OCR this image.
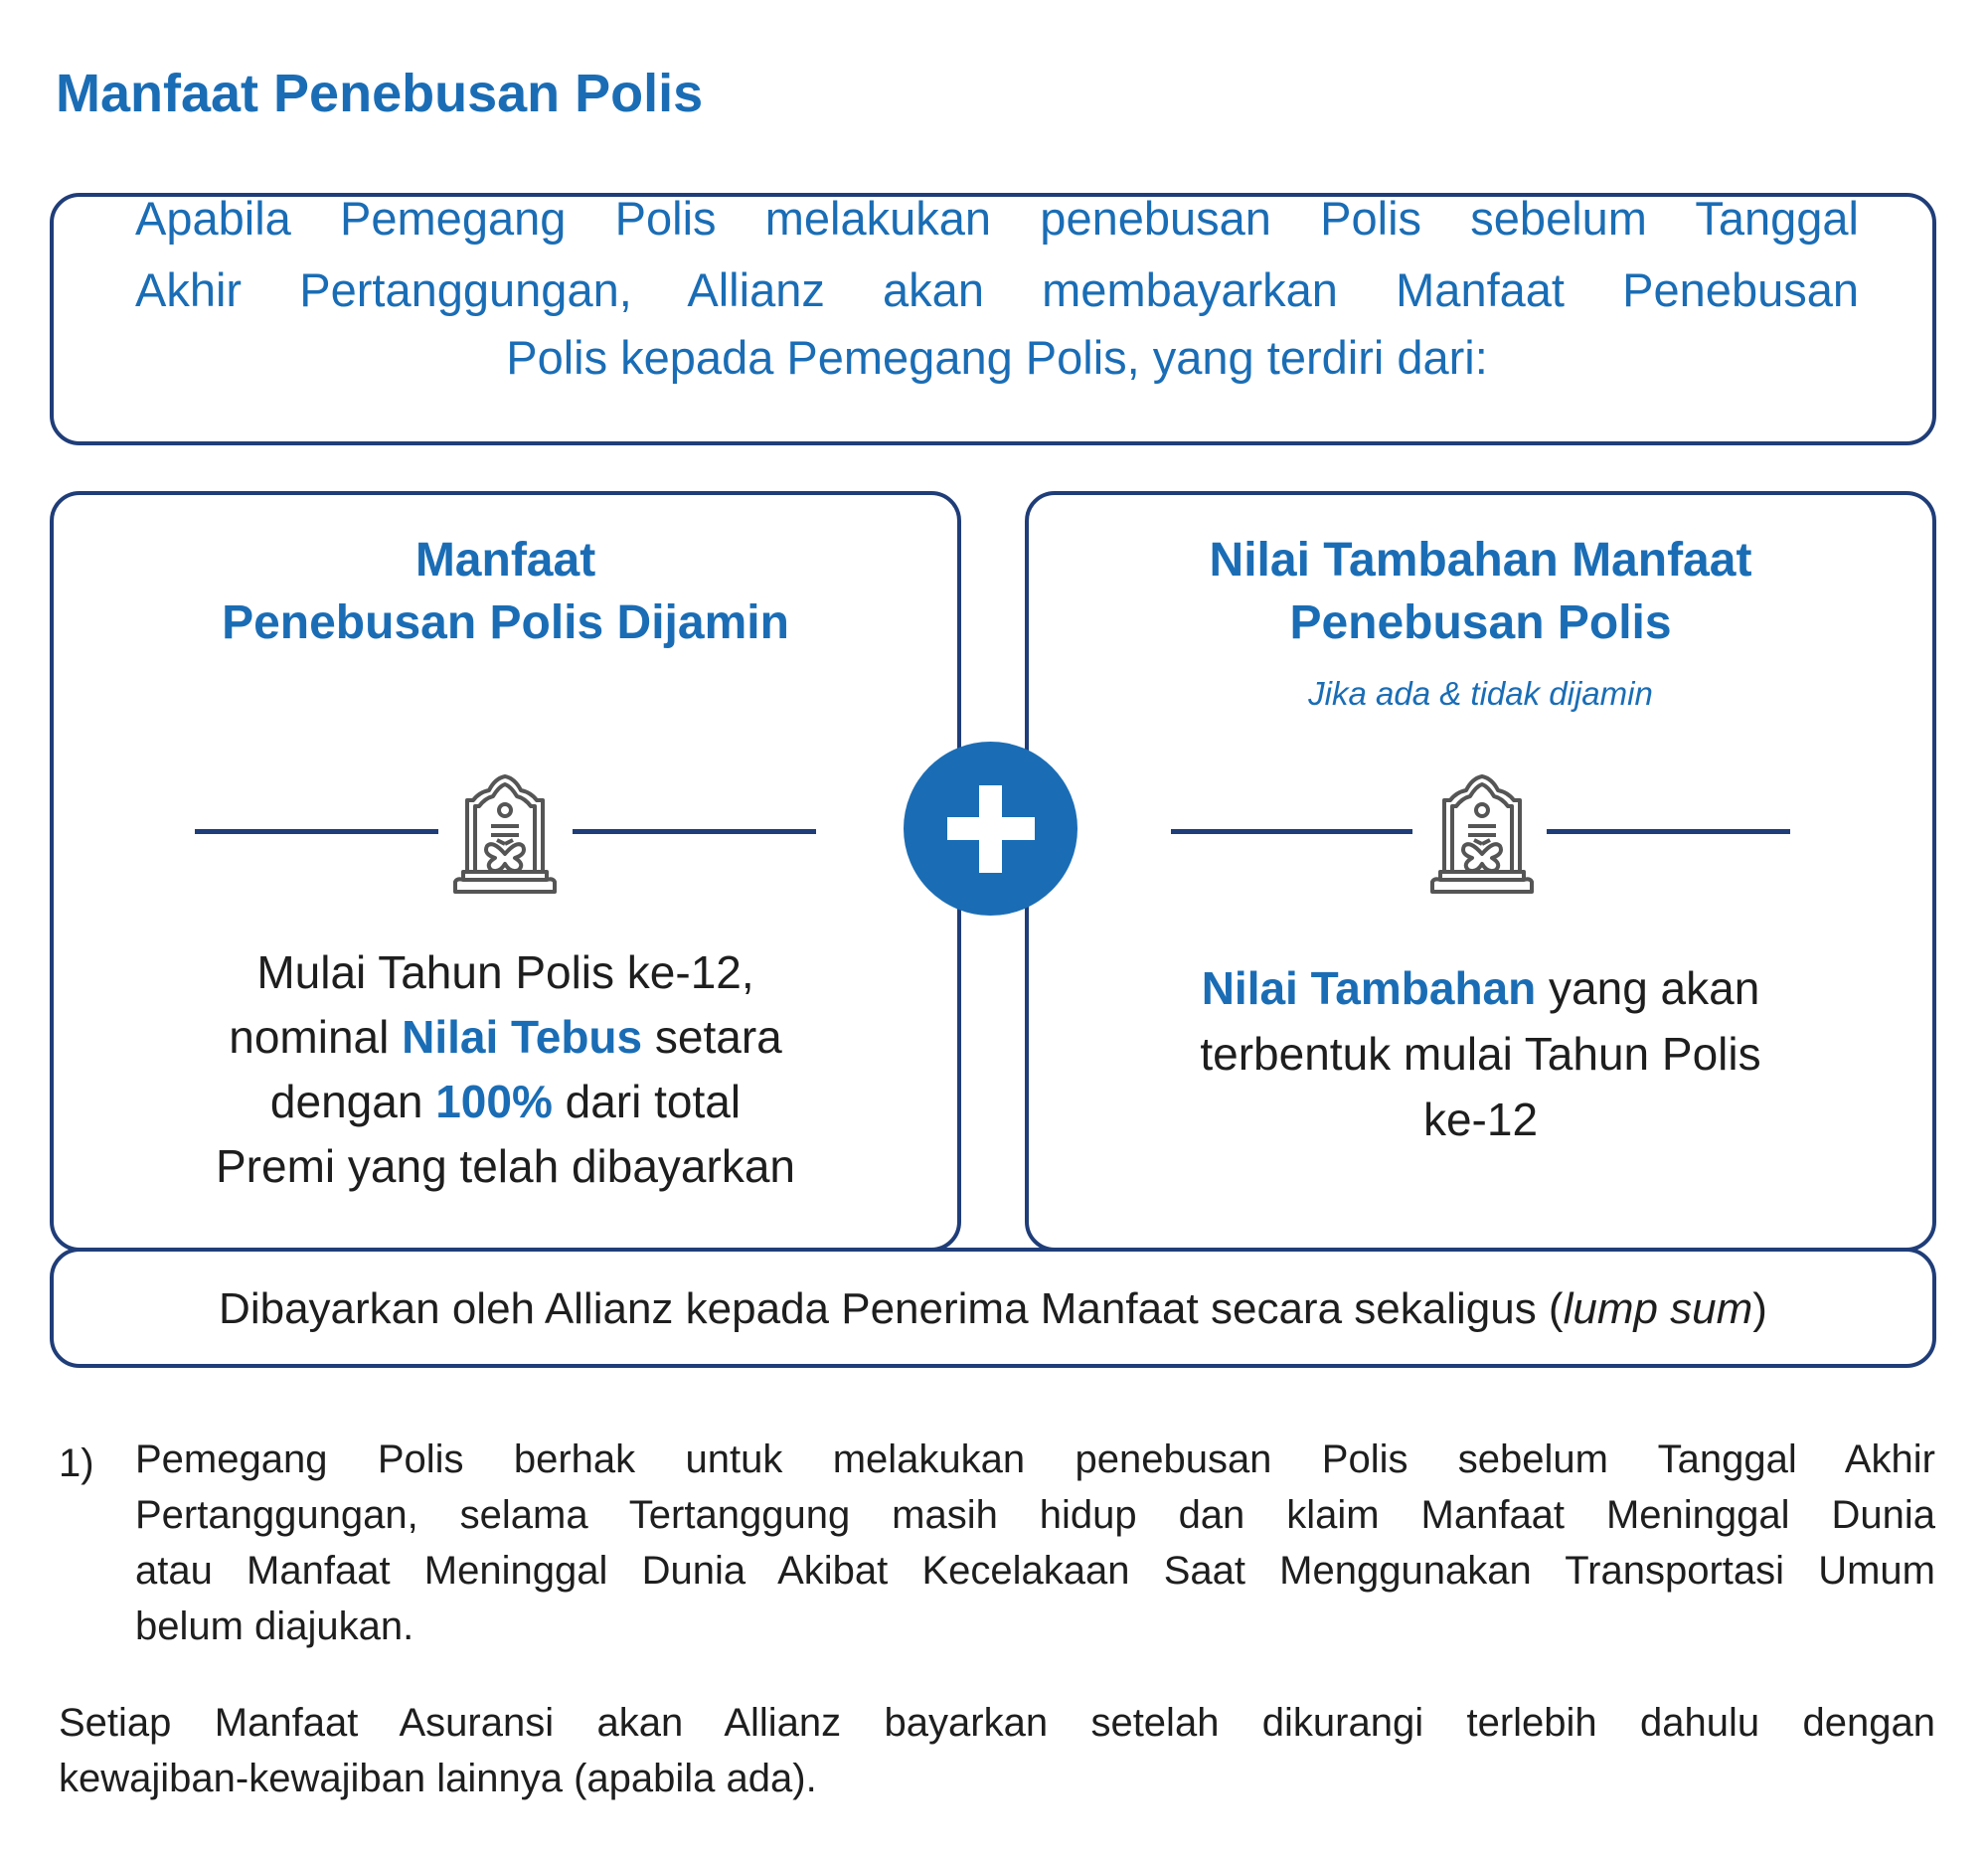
Manfaat Penebusan Polis
Apabila Pemegang Polis melakukan penebusan Polis sebelum Tanggal
Akhir Pertanggungan, Allianz akan membayarkan Manfaat Penebusan
Polis kepada Pemegang Polis, yang terdiri dari:
Manfaat
Penebusan Polis Dijamin
Mulai Tahun Polis ke-12,
nominal Nilai Tebus setara
dengan 100% dari total
Premi yang telah dibayarkan
Nilai Tambahan Manfaat
Penebusan Polis
Jika ada & tidak dijamin
Nilai Tambahan yang akan
terbentuk mulai Tahun Polis
ke-12
Dibayarkan oleh Allianz kepada Penerima Manfaat secara sekaligus (lump sum)
1) Pemegang Polis berhak untuk melakukan penebusan Polis sebelum Tanggal Akhir
Pertanggungan, selama Tertanggung masih hidup dan klaim Manfaat Meninggal Dunia
atau Manfaat Meninggal Dunia Akibat Kecelakaan Saat Menggunakan Transportasi Umum
belum diajukan.
Setiap Manfaat Asuransi akan Allianz bayarkan setelah dikurangi terlebih dahulu dengan
kewajiban-kewajiban lainnya (apabila ada).
